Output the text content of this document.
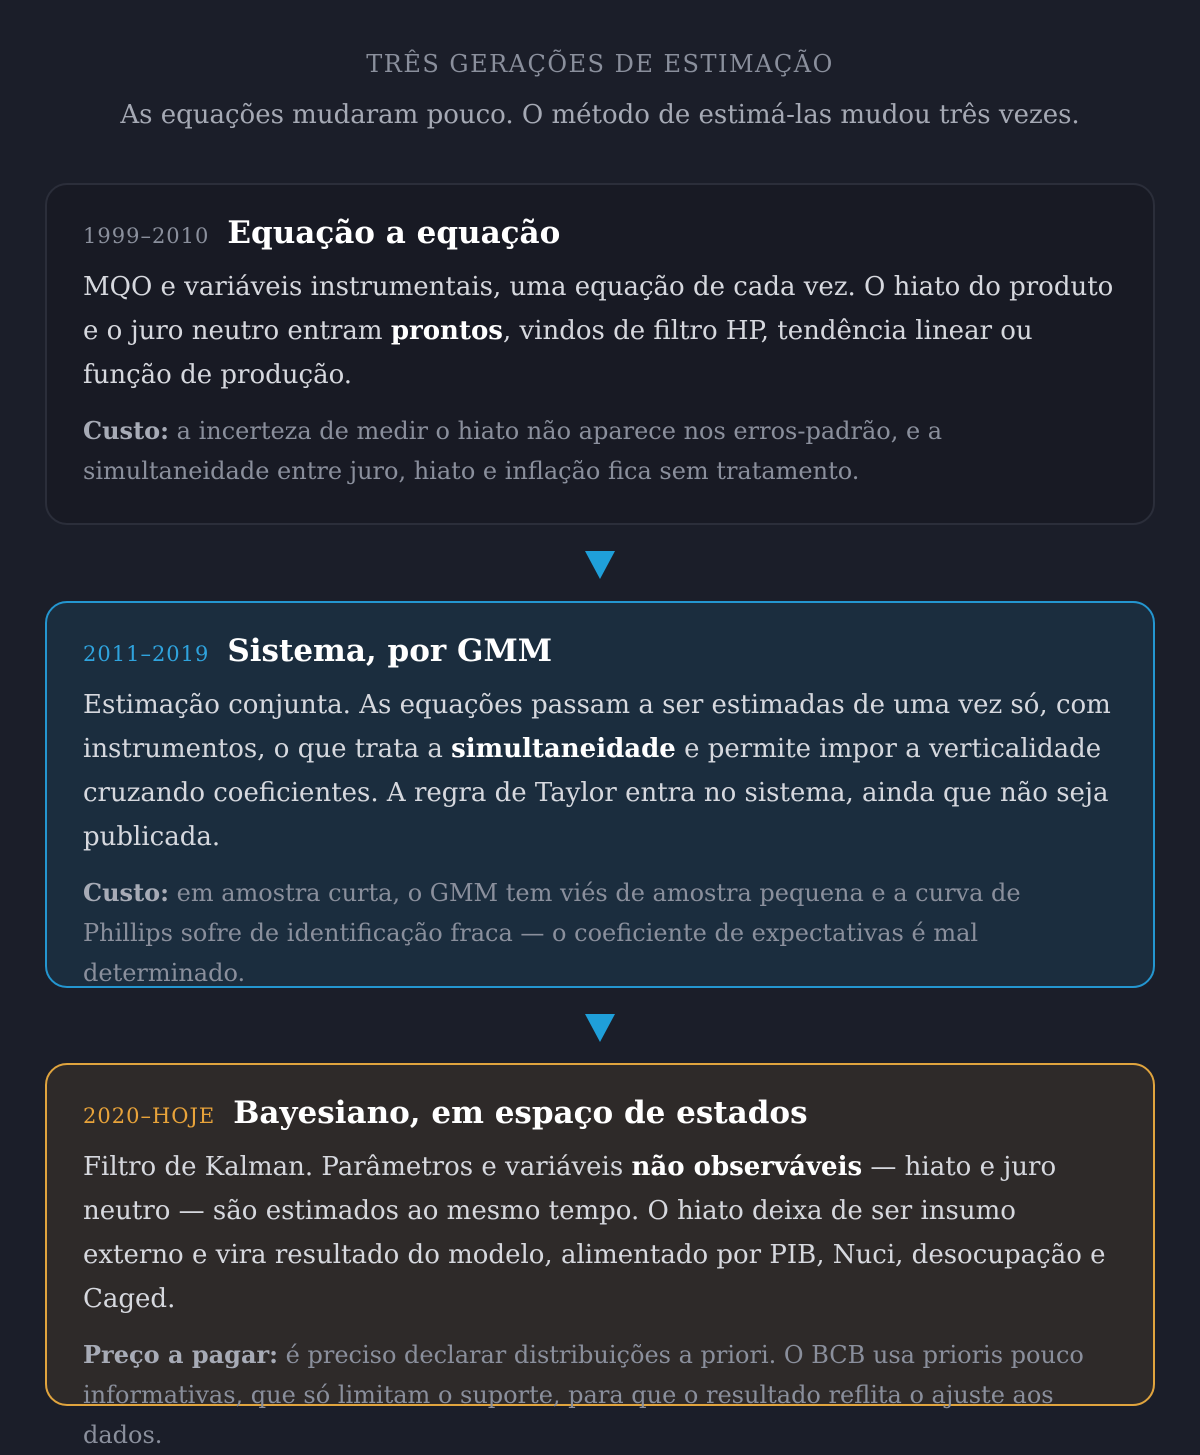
TRÊS GERAÇÕES DE ESTIMAÇÃO
As equações mudaram pouco. O método de estimá-las mudou três vezes.
1999–2010 Equação a equação
MQO e variáveis instrumentais, uma equação de cada vez. O hiato do produto e o juro neutro entram prontos, vindos de filtro HP, tendência linear ou função de produção.
Custo: a incerteza de medir o hiato não aparece nos erros-padrão, e a simultaneidade entre juro, hiato e inflação fica sem tratamento.
2011–2019 Sistema, por GMM
Estimação conjunta. As equações passam a ser estimadas de uma vez só, com instrumentos, o que trata a simultaneidade e permite impor a verticalidade cruzando coeficientes. A regra de Taylor entra no sistema, ainda que não seja publicada.
Custo: em amostra curta, o GMM tem viés de amostra pequena e a curva de Phillips sofre de identificação fraca — o coeficiente de expectativas é mal determinado.
2020–HOJE Bayesiano, em espaço de estados
Filtro de Kalman. Parâmetros e variáveis não observáveis — hiato e juro neutro — são estimados ao mesmo tempo. O hiato deixa de ser insumo externo e vira resultado do modelo, alimentado por PIB, Nuci, desocupação e Caged.
Preço a pagar: é preciso declarar distribuições a priori. O BCB usa prioris pouco informativas, que só limitam o suporte, para que o resultado reflita o ajuste aos dados.
